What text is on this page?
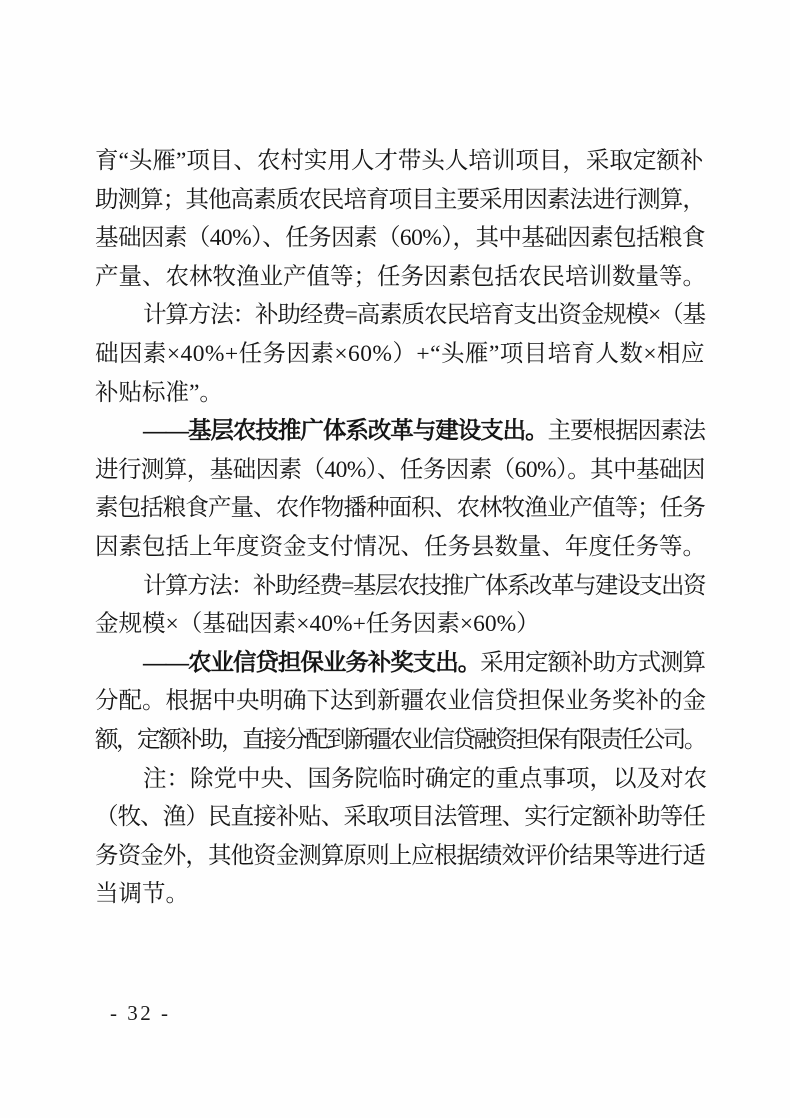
育“头雁”项目、农村实用人才带头人培训项目，采取定额补
助测算；其他高素质农民培育项目主要采用因素法进行测算，
基础因素（40%）、任务因素（60%），其中基础因素包括粮食
产量、农林牧渔业产值等；任务因素包括农民培训数量等。
计算方法：补助经费=高素质农民培育支出资金规模×（基
础因素×40%+任务因素×60%）+“头雁”项目培育人数×相应
补贴标准”。
——基层农技推广体系改革与建设支出。主要根据因素法
进行测算，基础因素（40%）、任务因素（60%）。其中基础因
素包括粮食产量、农作物播种面积、农林牧渔业产值等；任务
因素包括上年度资金支付情况、任务县数量、年度任务等。
计算方法：补助经费=基层农技推广体系改革与建设支出资
金规模×（基础因素×40%+任务因素×60%）
——农业信贷担保业务补奖支出。采用定额补助方式测算
分配。根据中央明确下达到新疆农业信贷担保业务奖补的金
额，定额补助，直接分配到新疆农业信贷融资担保有限责任公司。
注：除党中央、国务院临时确定的重点事项，以及对农
（牧、渔）民直接补贴、采取项目法管理、实行定额补助等任
务资金外，其他资金测算原则上应根据绩效评价结果等进行适
当调节。
- 32 -
